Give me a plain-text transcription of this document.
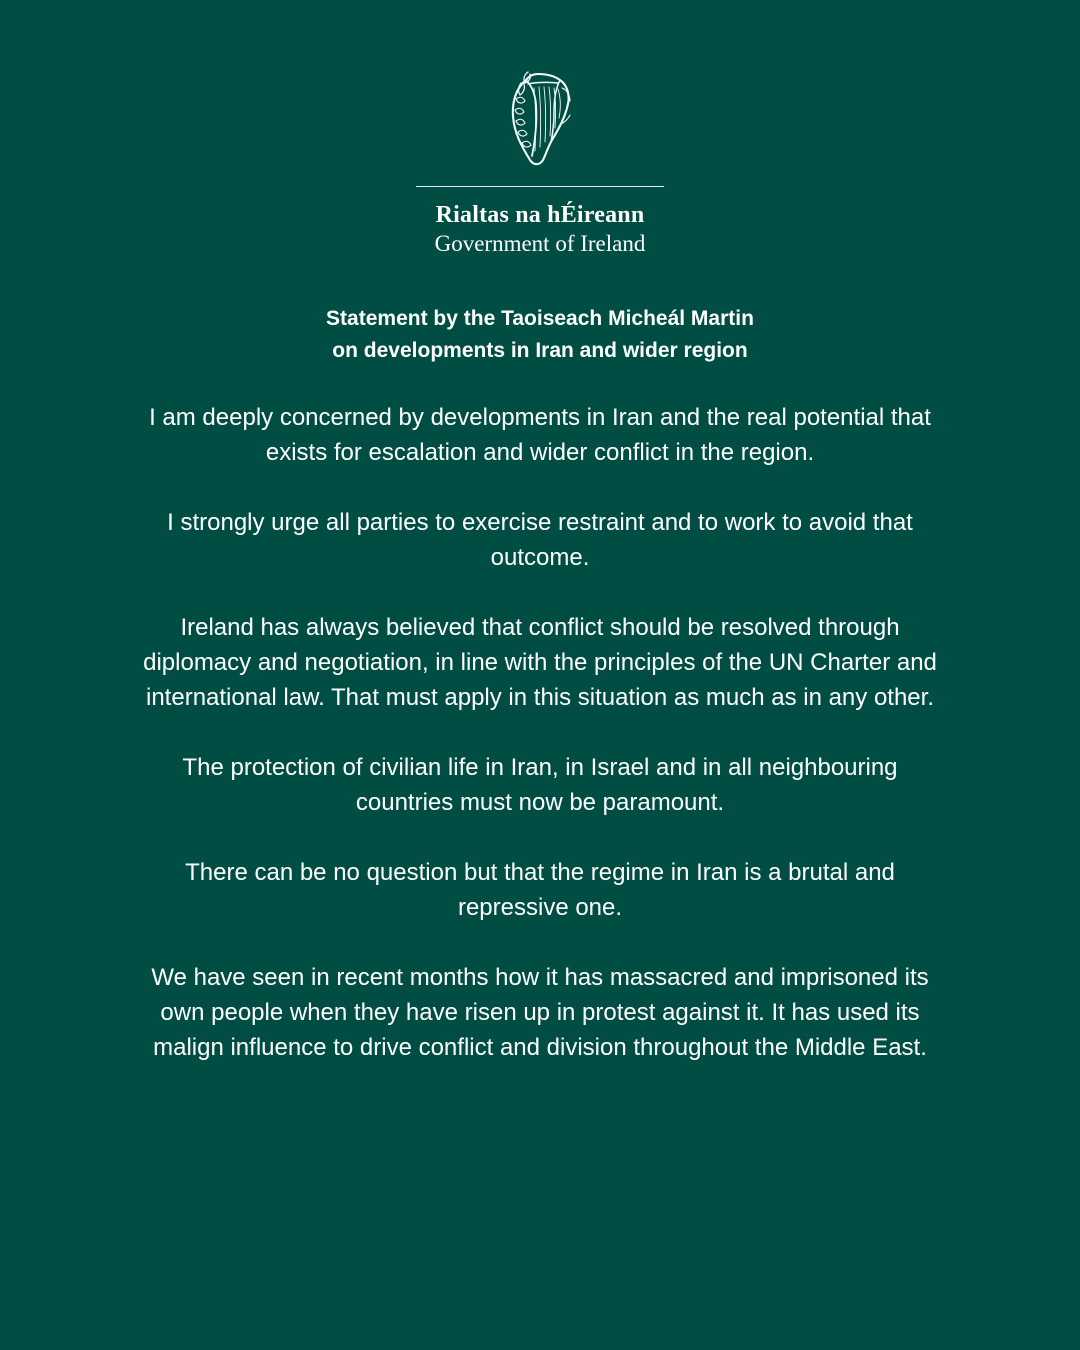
Rialtas na hÉireann
Government of Ireland
Statement by the Taoiseach Micheál Martin
on developments in Iran and wider region

I am deeply concerned by developments in Iran and the real potential that exists for escalation and wider conflict in the region.

I strongly urge all parties to exercise restraint and to work to avoid that outcome.

Ireland has always believed that conflict should be resolved through diplomacy and negotiation, in line with the principles of the UN Charter and international law. That must apply in this situation as much as in any other.

The protection of civilian life in Iran, in Israel and in all neighbouring countries must now be paramount.

There can be no question but that the regime in Iran is a brutal and repressive one.

We have seen in recent months how it has massacred and imprisoned its own people when they have risen up in protest against it. It has used its malign influence to drive conflict and division throughout the Middle East.
